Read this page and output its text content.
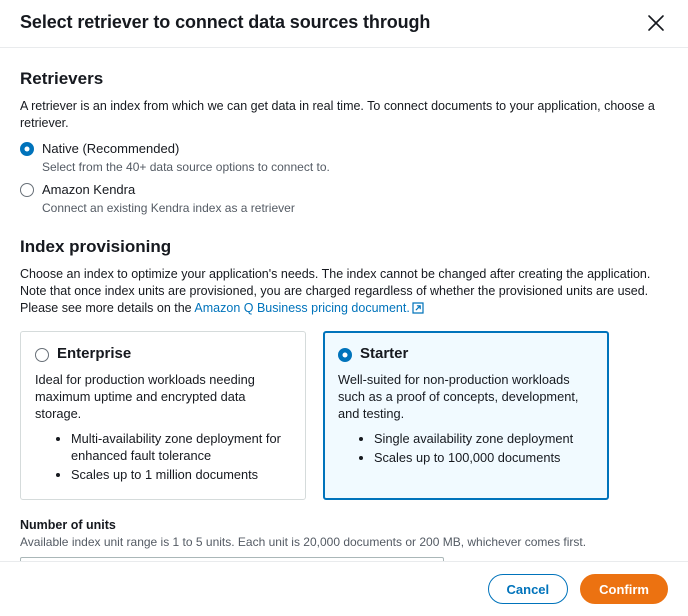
Select retriever to connect data sources through
Retrievers
A retriever is an index from which we can get data in real time. To connect documents to your application, choose a retriever.
Native (Recommended)
Select from the 40+ data source options to connect to.
Amazon Kendra
Connect an existing Kendra index as a retriever
Index provisioning
Choose an index to optimize your application's needs. The index cannot be changed after creating the application. Note that once index units are provisioned, you are charged regardless of whether the provisioned units are used. Please see more details on the Amazon Q Business pricing document.
Enterprise
Ideal for production workloads needing maximum uptime and encrypted data storage.
• Multi-availability zone deployment for enhanced fault tolerance
• Scales up to 1 million documents
Starter
Well-suited for non-production workloads such as a proof of concepts, development, and testing.
• Single availability zone deployment
• Scales up to 100,000 documents
Number of units
Available index unit range is 1 to 5 units. Each unit is 20,000 documents or 200 MB, whichever comes first.
1
Cancel	Confirm
